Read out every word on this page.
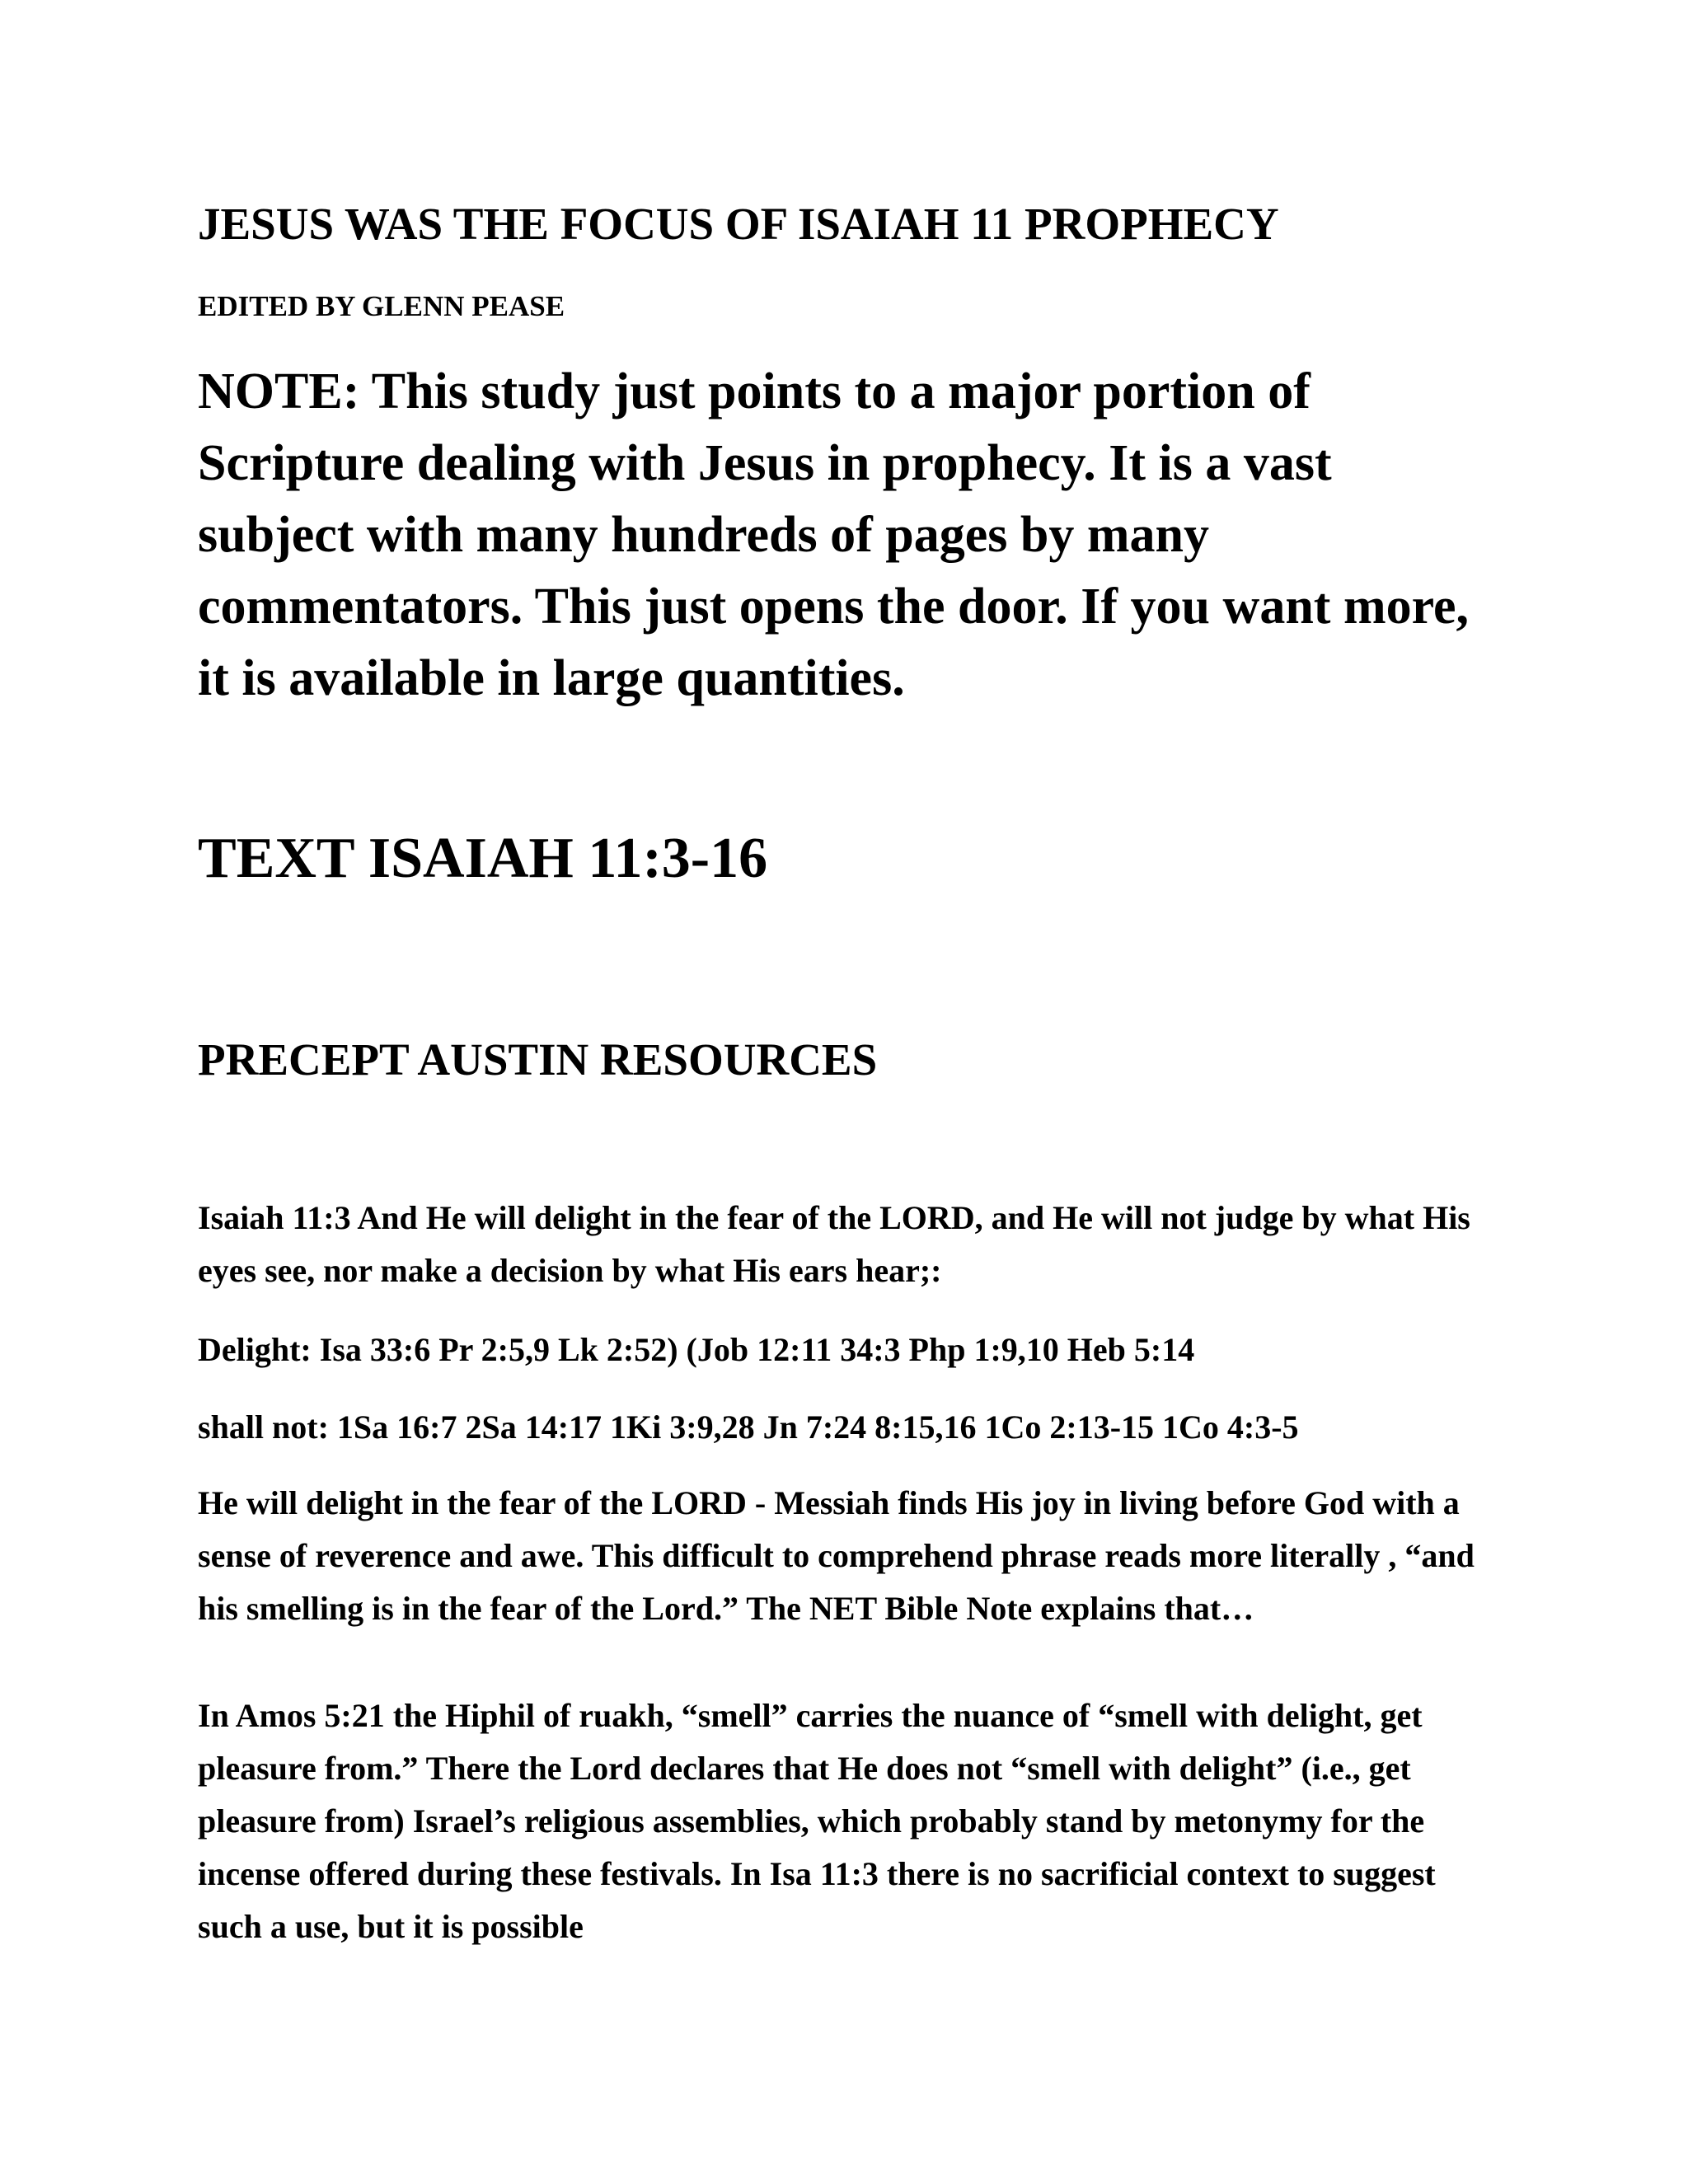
JESUS WAS THE FOCUS OF ISAIAH 11 PROPHECY
EDITED BY GLENN PEASE

NOTE: This study just points to a major portion of Scripture dealing with Jesus in prophecy. It is a vast subject with many hundreds of pages by many commentators. This just opens the door. If you want more, it is available in large quantities.

TEXT ISAIAH 11:3-16
PRECEPT AUSTIN RESOURCES

Isaiah 11:3 And He will delight in the fear of the LORD, and He will not judge by what His eyes see, nor make a decision by what His ears hear;:

Delight: Isa 33:6 Pr 2:5,9 Lk 2:52) (Job 12:11 34:3 Php 1:9,10 Heb 5:14

shall not: 1Sa 16:7 2Sa 14:17 1Ki 3:9,28 Jn 7:24 8:15,16 1Co 2:13-15 1Co 4:3-5

He will delight in the fear of the LORD - Messiah finds His joy in living before God with a sense of reverence and awe. This difficult to comprehend phrase reads more literally , “and his smelling is in the fear of the Lord.” The NET Bible Note explains that…

In Amos 5:21 the Hiphil of ruakh, “smell” carries the nuance of “smell with delight, get pleasure from.” There the Lord declares that He does not “smell with delight” (i.e., get pleasure from) Israel’s religious assemblies, which probably stand by metonymy for the incense offered during these festivals. In Isa 11:3 there is no sacrificial context to suggest such a use, but it is possible
